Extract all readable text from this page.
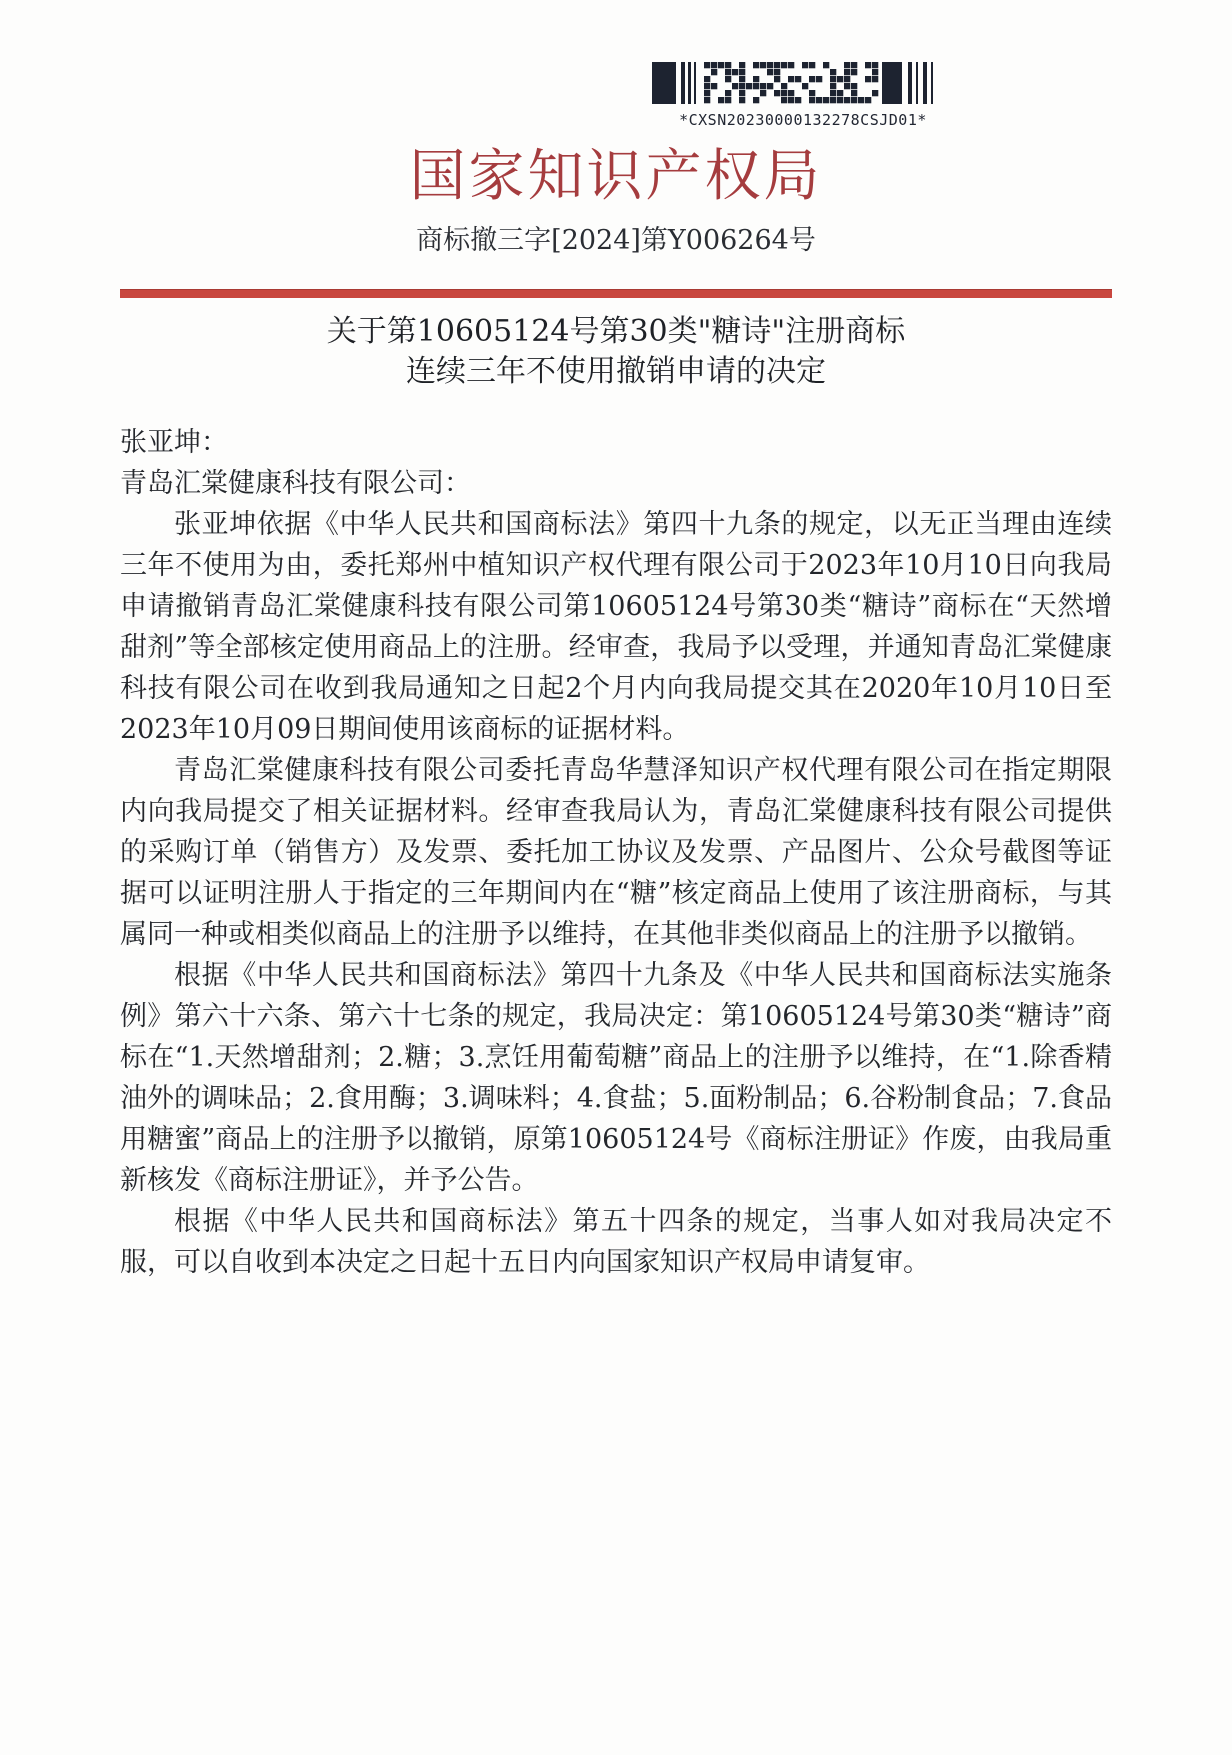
*CXSN20230000132278CSJD01*
国家知识产权局
商标撤三字[2024]第Y006264号
关于第10605124号第30类"糖诗"注册商标
连续三年不使用撤销申请的决定
张亚坤：
青岛汇棠健康科技有限公司：

张亚坤依据《中华人民共和国商标法》第四十九条的规定，以无正当理由连续三年不使用为由，委托郑州中植知识产权代理有限公司于2023年10月10日向我局申请撤销青岛汇棠健康科技有限公司第10605124号第30类“糖诗”商标在“天然增甜剂”等全部核定使用商品上的注册。经审查，我局予以受理，并通知青岛汇棠健康科技有限公司在收到我局通知之日起2个月内向我局提交其在2020年10月10日至2023年10月09日期间使用该商标的证据材料。

青岛汇棠健康科技有限公司委托青岛华慧泽知识产权代理有限公司在指定期限内向我局提交了相关证据材料。经审查我局认为，青岛汇棠健康科技有限公司提供的采购订单（销售方）及发票、委托加工协议及发票、产品图片、公众号截图等证据可以证明注册人于指定的三年期间内在“糖”核定商品上使用了该注册商标，与其属同一种或相类似商品上的注册予以维持，在其他非类似商品上的注册予以撤销。

根据《中华人民共和国商标法》第四十九条及《中华人民共和国商标法实施条例》第六十六条、第六十七条的规定，我局决定：第10605124号第30类“糖诗”商标在“1.天然增甜剂；2.糖；3.烹饪用葡萄糖”商品上的注册予以维持，在“1.除香精油外的调味品；2.食用酶；3.调味料；4.食盐；5.面粉制品；6.谷粉制食品；7.食品用糖蜜”商品上的注册予以撤销，原第10605124号《商标注册证》作废，由我局重新核发《商标注册证》，并予公告。

根据《中华人民共和国商标法》第五十四条的规定，当事人如对我局决定不服，可以自收到本决定之日起十五日内向国家知识产权局申请复审。
